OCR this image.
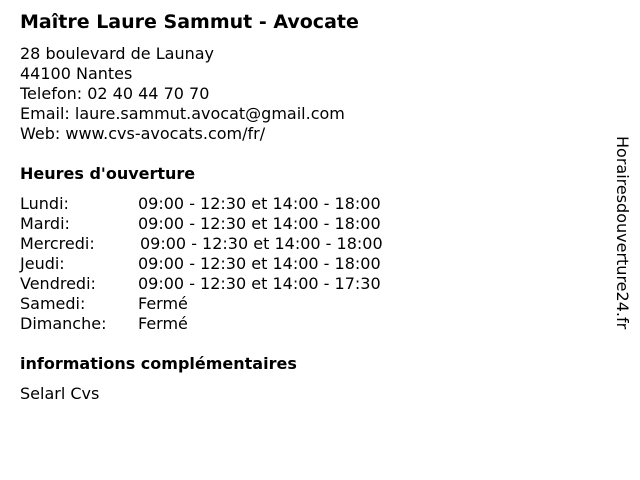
Maître Laure Sammut - Avocate
28 boulevard de Launay
44100 Nantes
Telefon: 02 40 44 70 70
Email: laure.sammut.avocat@gmail.com
Web: www.cvs-avocats.com/fr/
Heures d'ouverture
Lundi:	09:00 - 12:30 et 14:00 - 18:00
Mardi:	09:00 - 12:30 et 14:00 - 18:00
Mercredi:	09:00 - 12:30 et 14:00 - 18:00
Jeudi:	09:00 - 12:30 et 14:00 - 18:00
Vendredi:	09:00 - 12:30 et 14:00 - 17:30
Samedi:	Fermé
Dimanche: Fermé
informations complémentaires
Selarl Cvs
Horairesdouverture24.fr
